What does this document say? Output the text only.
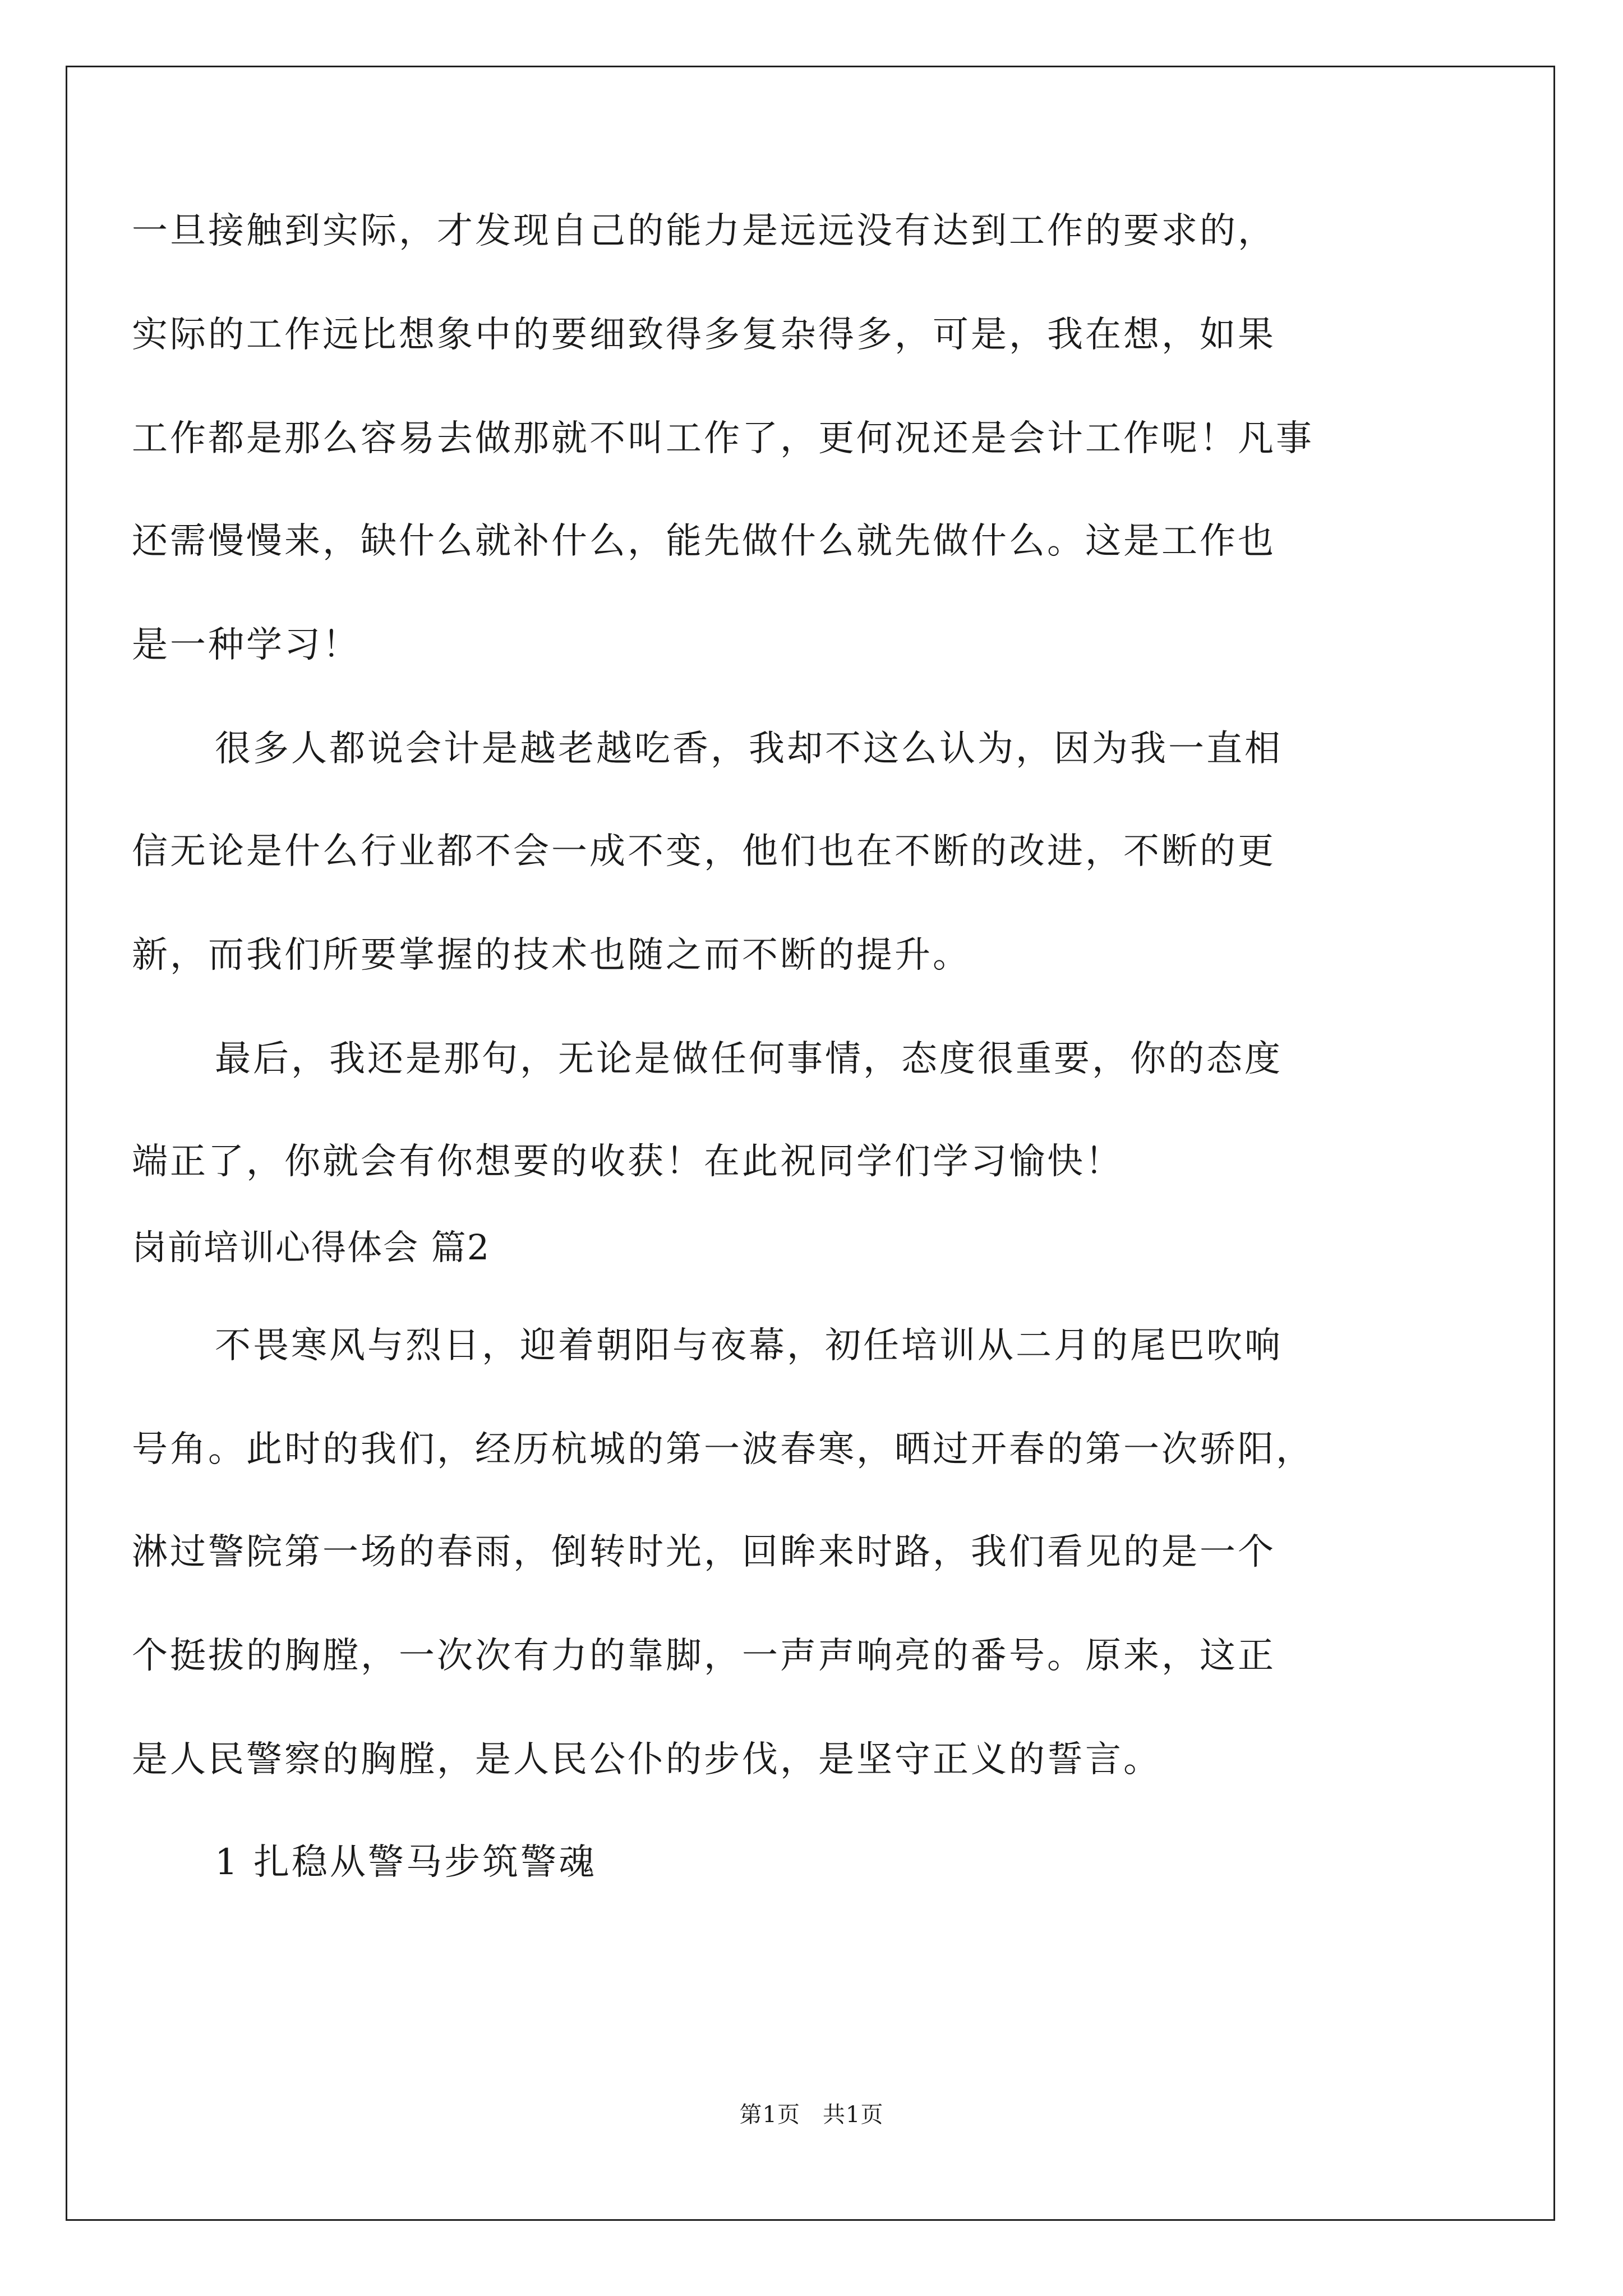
一旦接触到实际，才发现自己的能力是远远没有达到工作的要求的，
实际的工作远比想象中的要细致得多复杂得多，可是，我在想，如果
工作都是那么容易去做那就不叫工作了，更何况还是会计工作呢！凡事
还需慢慢来，缺什么就补什么，能先做什么就先做什么。这是工作也
是一种学习！
很多人都说会计是越老越吃香，我却不这么认为，因为我一直相
信无论是什么行业都不会一成不变，他们也在不断的改进，不断的更
新，而我们所要掌握的技术也随之而不断的提升。
最后，我还是那句，无论是做任何事情，态度很重要，你的态度
端正了，你就会有你想要的收获！在此祝同学们学习愉快！
岗前培训心得体会 篇2
不畏寒风与烈日，迎着朝阳与夜幕，初任培训从二月的尾巴吹响
号角。此时的我们，经历杭城的第一波春寒，晒过开春的第一次骄阳，
淋过警院第一场的春雨，倒转时光，回眸来时路，我们看见的是一个
个挺拔的胸膛，一次次有力的靠脚，一声声响亮的番号。原来，这正
是人民警察的胸膛，是人民公仆的步伐，是坚守正义的誓言。
1 扎稳从警马步筑警魂
第1页 共1页
